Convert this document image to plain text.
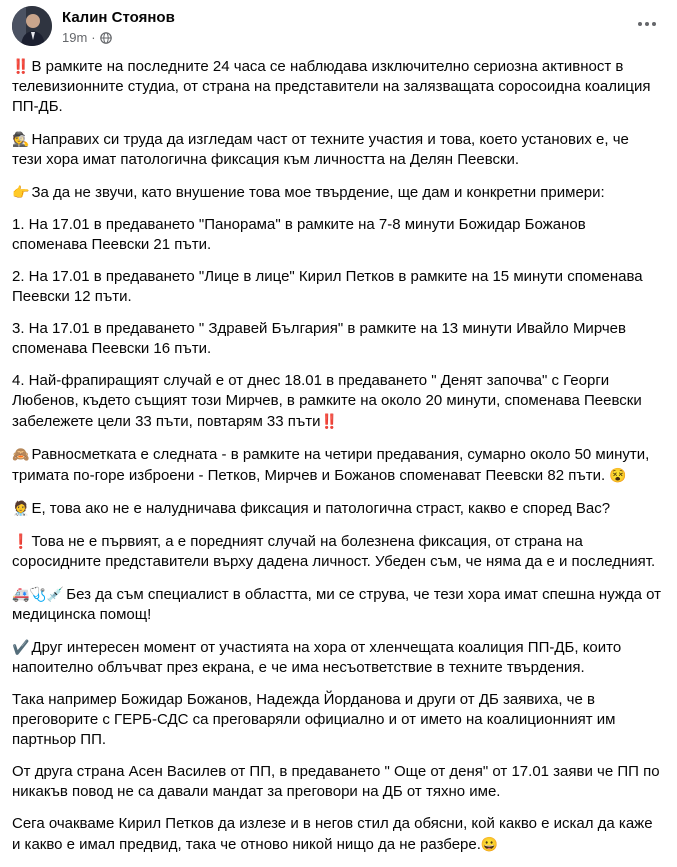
Калин Стоянов
19m ·

‼️ В рамките на последните 24 часа се наблюдава изключително сериозна активност в телевизионните студиа, от страна на представители на залязващата соросоидна коалиция ПП-ДБ.

🕵️ Направих си труда да изгледам част от техните участия и това, което установих е, че тези хора имат патологична фиксация към личността на Делян Пеевски.

👉 За да не звучи, като внушение това мое твърдение, ще дам и конкретни примери:

1. На 17.01 в предаването "Панорама" в рамките на 7-8 минути Божидар Божанов споменава Пеевски 21 пъти.

2. На 17.01 в предаването "Лице в лице" Кирил Петков в рамките на 15 минути споменава Пеевски 12 пъти.

3. На 17.01 в предаването " Здравей България" в рамките на 13 минути Ивайло Мирчев споменава Пеевски 16 пъти.

4. Най-фрапиращият случай е от днес 18.01 в предаването " Денят започва" с Георги Любенов, където същият този Мирчев, в рамките на около 20 минути, споменава Пеевски забележете цели 33 пъти, повтарям 33 пъти‼️

🙈 Равносметката е следната - в рамките на четири предавания, сумарно около 50 минути, тримата по-горе изброени - Петков, Мирчев и Божанов споменават Пеевски 82 пъти. 😵

🧑‍⚕️ Е, това ако не е налудничава фиксация и патологична страст, какво е според Вас?

❗ Това не е първият, а е поредният случай на болезнена фиксация, от страна на соросидните представители върху дадена личност. Убеден съм, че няма да е и последният.

🚑🩺💉 Без да съм специалист в областта, ми се струва, че тези хора имат спешна нужда от медицинска помощ!

✔️ Друг интересен момент от участията на хора от хленчещата коалиция ПП-ДБ, които напоително облъчват през екрана, е че има несъответствие в техните твърдения.

Така например Божидар Божанов, Надежда Йорданова и други от ДБ заявиха, че в преговорите с ГЕРБ-СДС са преговаряли официално и от името на коалиционният им партньор ПП.

От друга страна Асен Василев от ПП, в предаването " Още от деня" от 17.01 заяви че ПП по никакъв повод не са давали мандат за преговори на ДБ от тяхно име.

Сега очакваме Кирил Петков да излезе и в негов стил да обясни, кой какво е искал да каже и какво е имал предвид, така че отново никой нищо да не разбере.😀
